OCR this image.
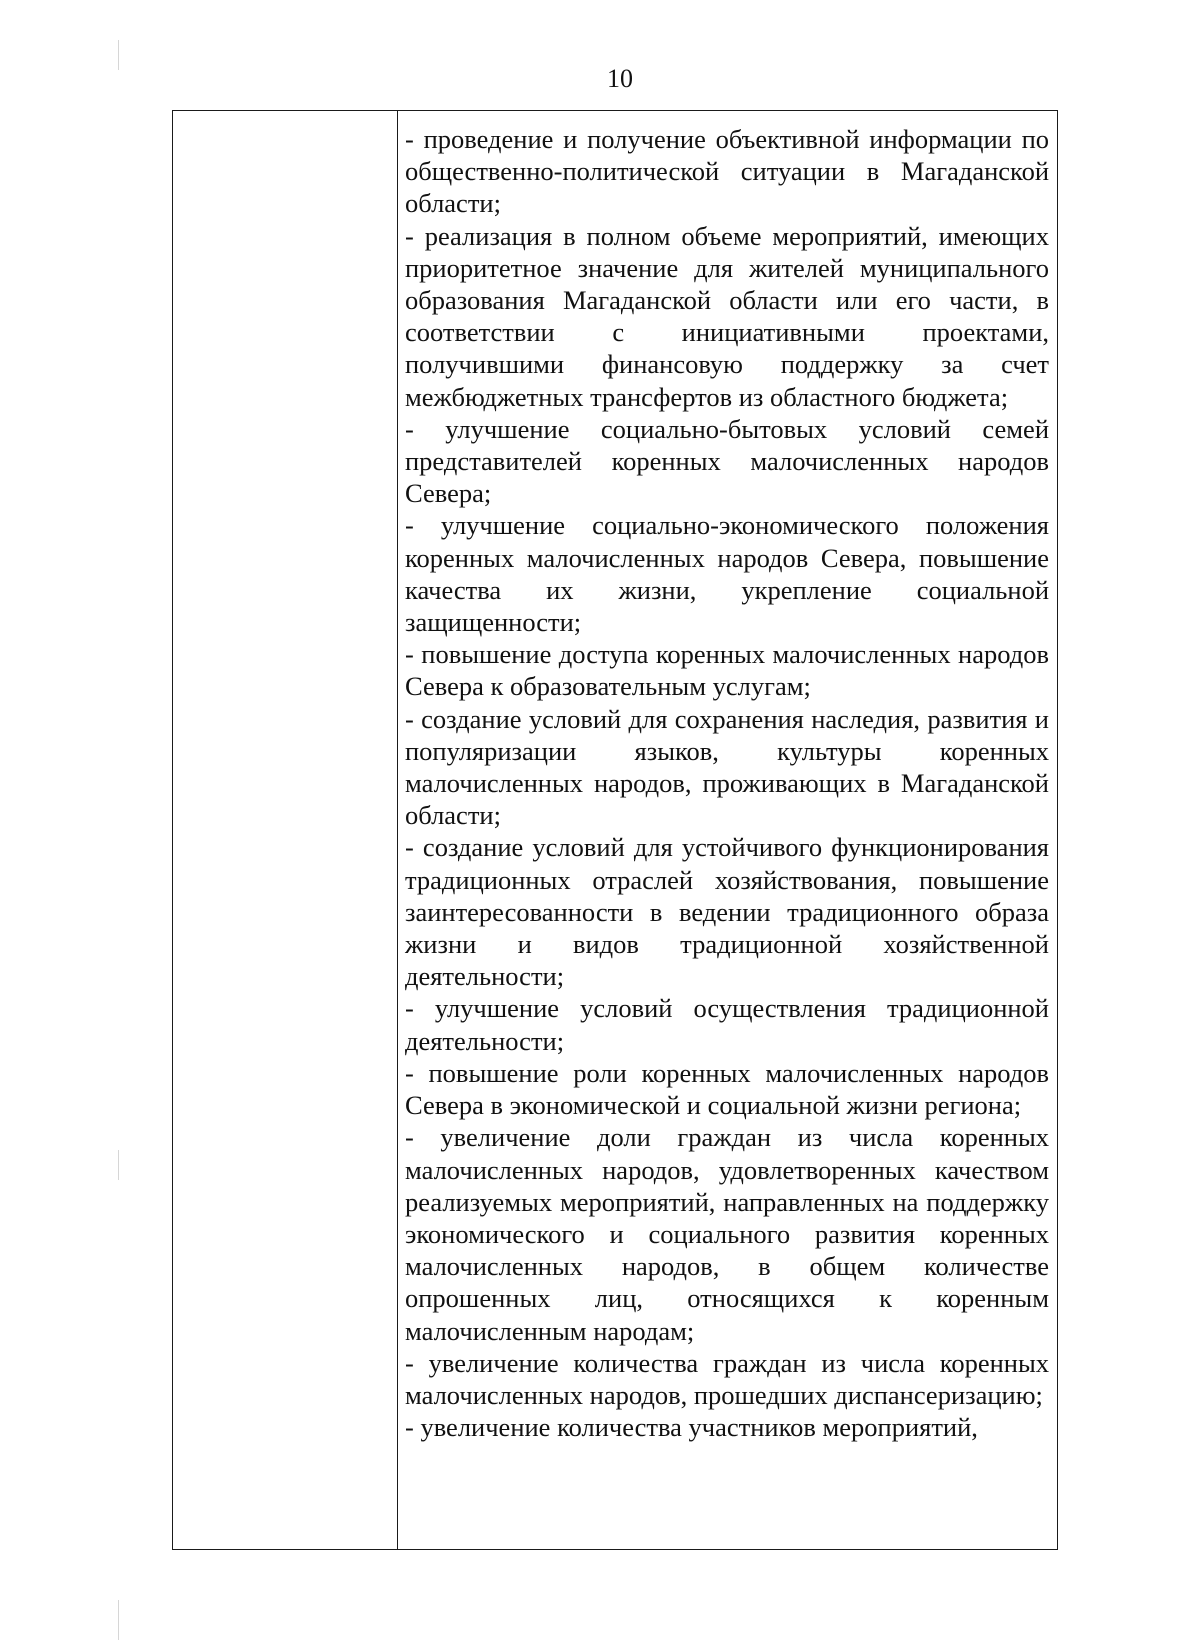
10

- проведение и получение объективной информации по общественно-политической ситуации в Магаданской области;

- реализация в полном объеме мероприятий, имеющих приоритетное значение для жителей муниципального образования Магаданской области или его части, в соответствии с инициативными проектами, получившими финансовую поддержку за счет межбюджетных трансфертов из областного бюджета;

- улучшение социально-бытовых условий семей представителей коренных малочисленных народов Севера;

- улучшение социально-экономического положения коренных малочисленных народов Севера, повышение качества их жизни, укрепление социальной защищенности;

- повышение доступа коренных малочисленных народов Севера к образовательным услугам;

- создание условий для сохранения наследия, развития и популяризации языков, культуры коренных малочисленных народов, проживающих в Магаданской области;

- создание условий для устойчивого функционирования традиционных отраслей хозяйствования, повышение заинтересованности в ведении традиционного образа жизни и видов традиционной хозяйственной деятельности;

- улучшение условий осуществления традиционной деятельности;

- повышение роли коренных малочисленных народов Севера в экономической и социальной жизни региона;

- увеличение доли граждан из числа коренных малочисленных народов, удовлетворенных качеством реализуемых мероприятий, направленных на поддержку экономического и социального развития коренных малочисленных народов, в общем количестве опрошенных лиц, относящихся к коренным малочисленным народам;

- увеличение количества граждан из числа коренных малочисленных народов, прошедших диспансеризацию;

- увеличение количества участников мероприятий,
